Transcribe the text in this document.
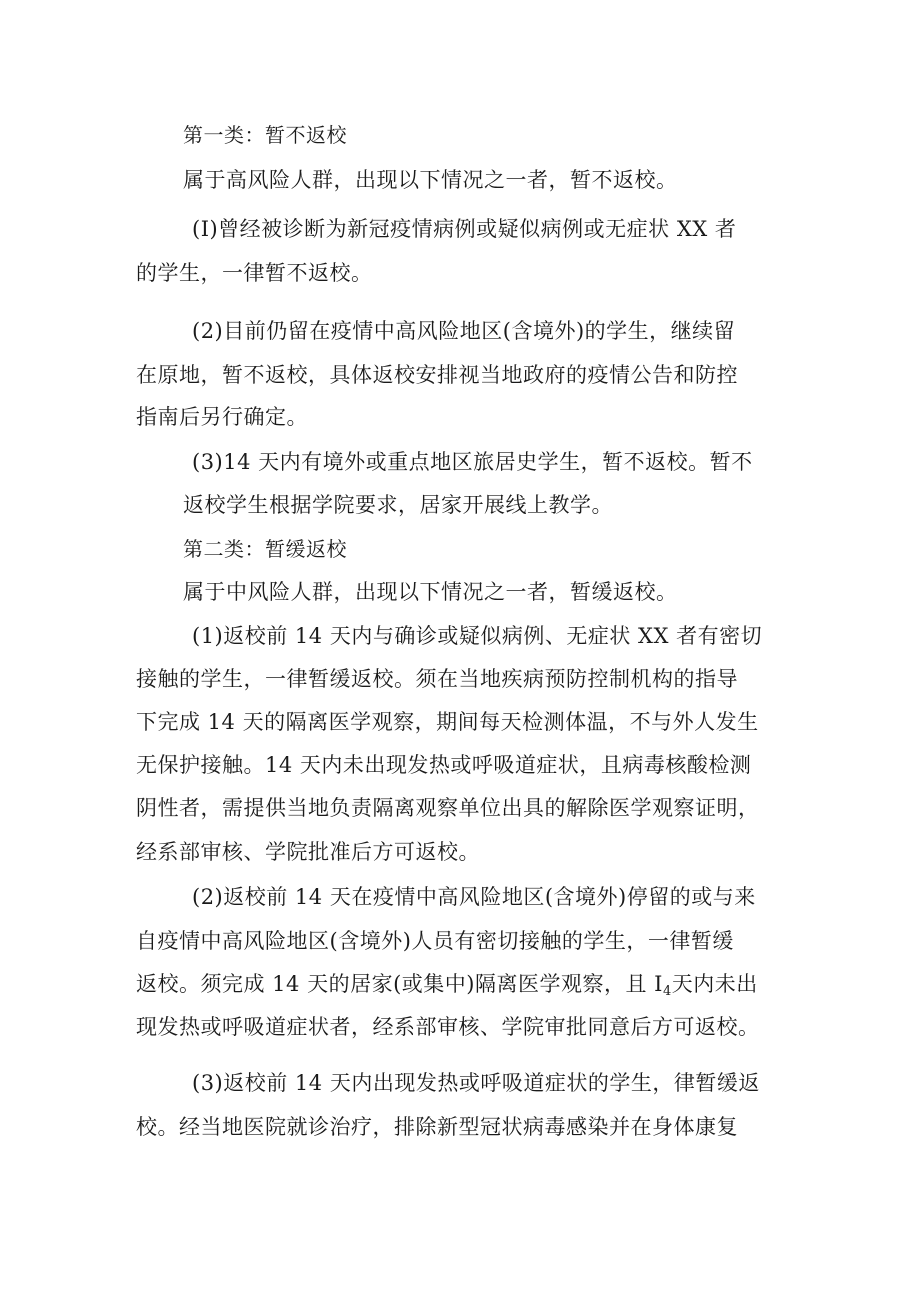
第一类：暂不返校

属于高风险人群，出现以下情况之一者，暂不返校。

(I)曾经被诊断为新冠疫情病例或疑似病例或无症状 XX 者

的学生，一律暂不返校。

(2)目前仍留在疫情中高风险地区(含境外)的学生，继续留

在原地，暂不返校，具体返校安排视当地政府的疫情公告和防控

指南后另行确定。

(3)14 天内有境外或重点地区旅居史学生，暂不返校。暂不

返校学生根据学院要求，居家开展线上教学。

第二类：暂缓返校

属于中风险人群，出现以下情况之一者，暂缓返校。

(1)返校前 14 天内与确诊或疑似病例、无症状 XX 者有密切

接触的学生，一律暂缓返校。须在当地疾病预防控制机构的指导

下完成 14 天的隔离医学观察，期间每天检测体温，不与外人发生

无保护接触。14 天内未出现发热或呼吸道症状，且病毒核酸检测

阴性者，需提供当地负责隔离观察单位出具的解除医学观察证明，

经系部审核、学院批准后方可返校。

(2)返校前 14 天在疫情中高风险地区(含境外)停留的或与来

自疫情中高风险地区(含境外)人员有密切接触的学生，一律暂缓

返校。须完成 14 天的居家(或集中)隔离医学观察，且 $I_4$天内未出

现发热或呼吸道症状者，经系部审核、学院审批同意后方可返校。

(3)返校前 14 天内出现发热或呼吸道症状的学生，律暂缓返

校。经当地医院就诊治疗，排除新型冠状病毒感染并在身体康复
